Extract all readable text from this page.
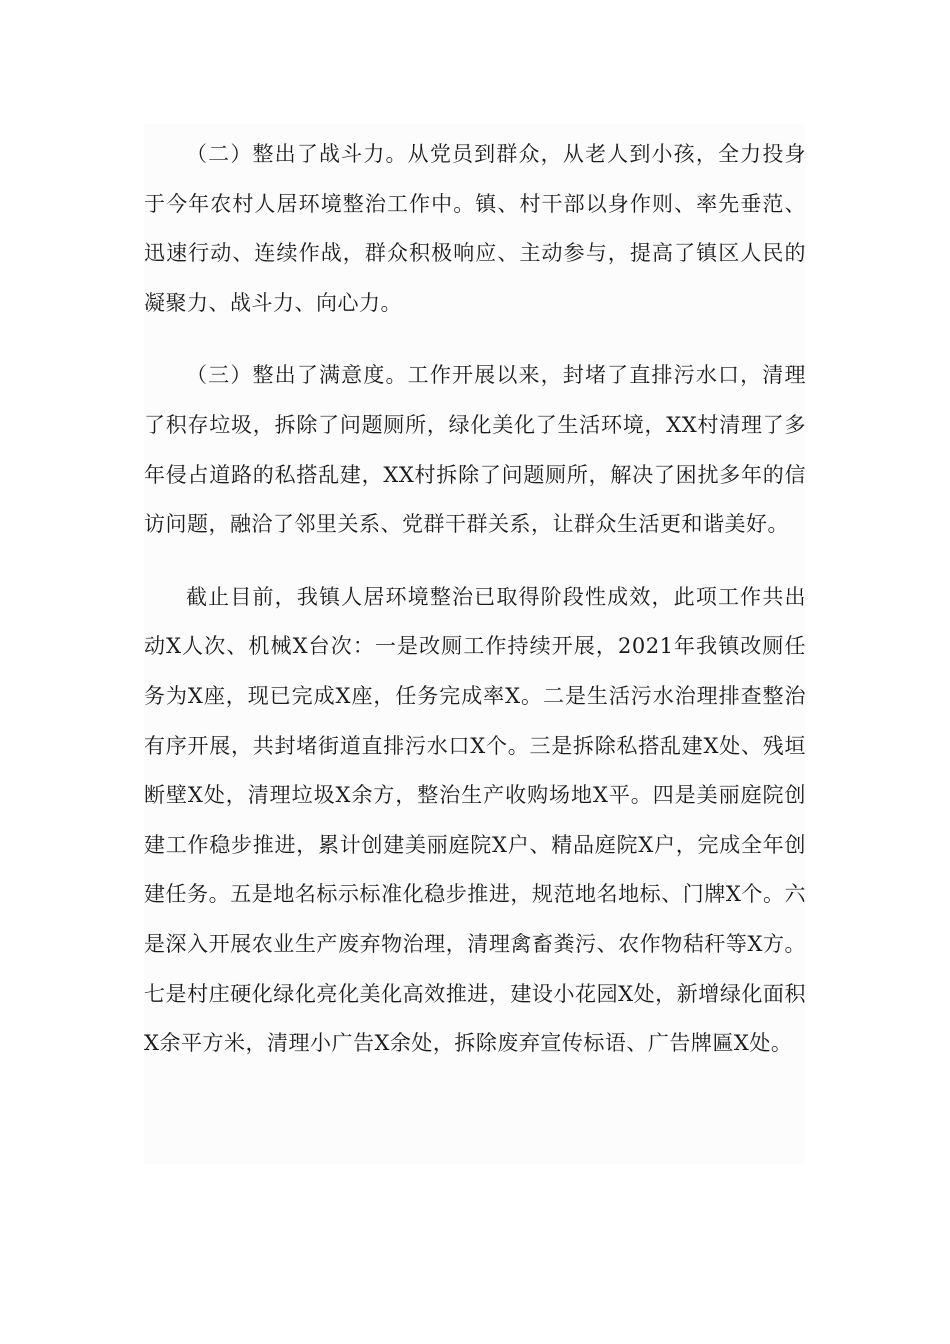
（二）整出了战斗力。从党员到群众，从老人到小孩，全力投身于今年农村人居环境整治工作中。镇、村干部以身作则、率先垂范、迅速行动、连续作战，群众积极响应、主动参与，提高了镇区人民的凝聚力、战斗力、向心力。

（三）整出了满意度。工作开展以来，封堵了直排污水口，清理了积存垃圾，拆除了问题厕所，绿化美化了生活环境，XX村清理了多年侵占道路的私搭乱建，XX村拆除了问题厕所，解决了困扰多年的信访问题，融洽了邻里关系、党群干群关系，让群众生活更和谐美好。

截止目前，我镇人居环境整治已取得阶段性成效，此项工作共出动X人次、机械X台次：一是改厕工作持续开展，2021年我镇改厕任务为X座，现已完成X座，任务完成率X。二是生活污水治理排查整治有序开展，共封堵街道直排污水口X个。三是拆除私搭乱建X处、残垣断壁X处，清理垃圾X余方，整治生产收购场地X平。四是美丽庭院创建工作稳步推进，累计创建美丽庭院X户、精品庭院X户，完成全年创建任务。五是地名标示标准化稳步推进，规范地名地标、门牌X个。六是深入开展农业生产废弃物治理，清理禽畜粪污、农作物秸秆等X方。七是村庄硬化绿化亮化美化高效推进，建设小花园X处，新增绿化面积X余平方米，清理小广告X余处，拆除废弃宣传标语、广告牌匾X处。
